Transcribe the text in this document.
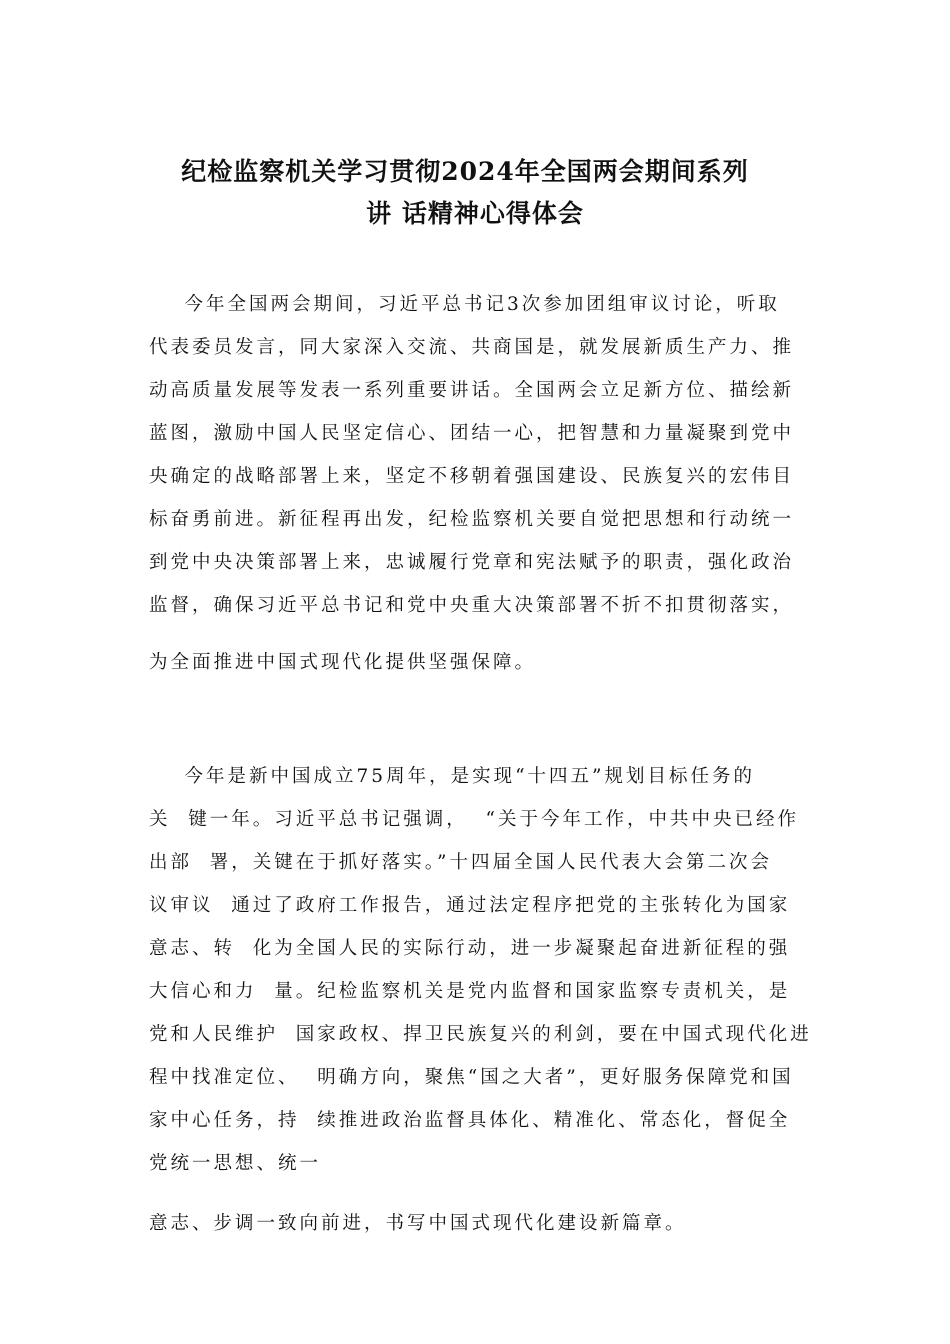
纪检监察机关学习贯彻2024年全国两会期间系列
讲 话精神心得体会
今年全国两会期间，习近平总书记3次参加团组审议讨论，听取
代表委员发言，同大家深入交流、共商国是，就发展新质生产力、推
动高质量发展等发表一系列重要讲话。全国两会立足新方位、描绘新
蓝图，激励中国人民坚定信心、团结一心，把智慧和力量凝聚到党中
央确定的战略部署上来，坚定不移朝着强国建设、民族复兴的宏伟目
标奋勇前进。新征程再出发，纪检监察机关要自觉把思想和行动统一
到党中央决策部署上来，忠诚履行党章和宪法赋予的职责，强化政治
监督，确保习近平总书记和党中央重大决策部署不折不扣贯彻落实，
为全面推进中国式现代化提供坚强保障。
今年是新中国成立75周年，是实现“十四五”规划目标任务的
关  键一年。习近平总书记强调，  “关于今年工作，中共中央已经作
出部  署，关键在于抓好落实。”十四届全国人民代表大会第二次会
议审议  通过了政府工作报告，通过法定程序把党的主张转化为国家
意志、转  化为全国人民的实际行动，进一步凝聚起奋进新征程的强
大信心和力  量。纪检监察机关是党内监督和国家监察专责机关，是
党和人民维护  国家政权、捍卫民族复兴的利剑，要在中国式现代化进
程中找准定位、  明确方向，聚焦“国之大者”，更好服务保障党和国
家中心任务，持  续推进政治监督具体化、精准化、常态化，督促全
党统一思想、统一
意志、步调一致向前进，书写中国式现代化建设新篇章。
